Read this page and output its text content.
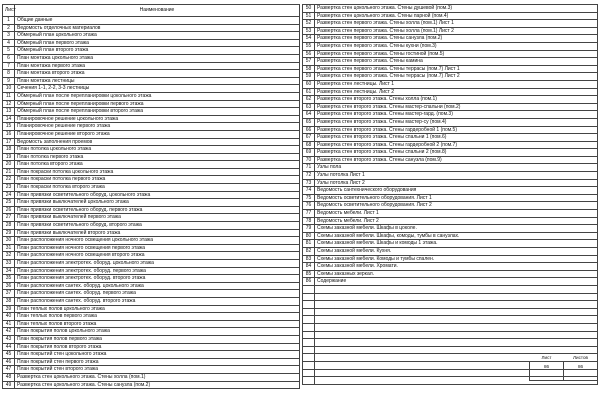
Лист	Наименование
1	Общие данные
2	Ведомость отделочных материалов
3	Обмерный план цокольного этажа
4	Обмерный план первого этажа
5	Обмерный план второго этажа
6	План монтажа цокольного этажа
7	План монтажа первого этажа
8	План монтажа второго этажа
9	План монтажа лестницы
10	Сечения 1-1, 2-2, 3-3 лестницы
11	Обмерный план после перепланировки цокольного этажа
12	Обмерный план после перепланировки первого этажа
13	Обмерный план после перепланировки второго этажа
14	Планировочное решение цокольного этажа
15	Планировочное решение первого этажа
16	Планировочное решение второго этажа
17	Ведомость заполнения проемов
18	План потолка цокольного этажа
19	План потолка первого этажа
20	План потолка второго этажа
21	План покраски потолка цокольного этажа
22	План покраски потолка первого этажа
23	План покраски потолка второго этажа
24	План привязки осветительного оборуд. цокольного этажа
25	План привязки выключателей цокольного этажа
26	План привязки осветительного оборуд. первого этажа
27	План привязки выключателей первого этажа
28	План привязки осветительного оборуд. второго этажа
29	План привязки выключателей второго этажа
30	План расположения ночного освещения цокольного этажа
31	План расположения ночного освещения первого этажа
32	План расположения ночного освещения второго этажа
33	План расположения электротех. оборуд. цокольного этажа
34	План расположения электротех. оборуд. первого этажа
35	План расположения электротех. оборуд. второго этажа
36	План расположения сантех. оборуд. цокольного этажа
37	План расположения сантех. оборуд. первого этажа
38	План расположения сантех. оборуд. второго этажа
39	План теплых полов цокольного этажа
40	План теплых полов первого этажа
41	План теплых полов второго этажа
42	План покрытия полов цокольного этажа
43	План покрытия полов первого этажа
44	План покрытия полов второго этажа
45	План покрытий стен цокольного этажа
46	План покрытий стен первого этажа
47	План покрытий стен второго этажа
48	Развертка стен цокольного этажа. Стены холла (пом.1)
49	Развертка стен цокольного этажа. Стены санузла (пом.2)
50	Развертка стен цокольного этажа. Стены душевой (пом.3)
51	Развертка стен цокольного этажа. Стены парной (пом.4)
52	Развертка стен первого этажа. Стены холла (пом.1) Лист 1
53	Развертка стен первого этажа. Стены холла (пом.1) Лист 2
54	Развертка стен первого этажа. Стены санузла (пом.2)
55	Развертка стен первого этажа. Стены кухни (пом.3)
56	Развертка стен первого этажа. Стены гостиной (пом.5)
57	Развертка стен первого этажа. Стены камина
58	Развертка стен первого этажа. Стены террасы (пом.7) Лист 1
59	Развертка стен первого этажа. Стены террасы (пом.7) Лист 2
60	Развертка стен лестницы. Лист 1
61	Развертка стен лестницы. Лист 2
62	Развертка стен второго этажа. Стены холла (пом.1)
63	Развертка стен второго этажа. Стены мастер-спальни (пом.2)
64	Развертка стен второго этажа. Стены мастер-гард. (пом.3)
65	Развертка стен второго этажа. Стены мастер-су (пом.4)
66	Развертка стен второго этажа. Стены гардеробной 1 (пом.5)
67	Развертка стен второго этажа. Стены спальни 1 (пом.6)
68	Развертка стен второго этажа. Стены гардеробной 2 (пом.7)
69	Развертка стен второго этажа. Стены спальни 2 (пом.8)
70	Развертка стен второго этажа. Стены санузла (пом.9)
71	Узлы пола
72	Узлы потолка Лист 1
73	Узлы потолка Лист 2
74	Ведомость сантехнического оборудования
75	Ведомость осветительного оборудования. Лист 1
76	Ведомость осветительного оборудования. Лист 2
77	Ведомость мебели. Лист 1
78	Ведомость мебели. Лист 2
79	Схемы заказной мебели. Шкафы в цоколе.
80	Схемы заказной мебели. Шкафы, комоды, тумбы в санузлах.
81	Схемы заказной мебели. Шкафы и комоды 1 этажа.
82	Схемы заказной мебели. Кухня.
83	Схемы заказной мебели. Комоды и тумбы спален.
84	Схемы заказной мебели. Хромати.
85	Схемы заказных зеркал.
86	Содержание

Лист	Листов
86	86
